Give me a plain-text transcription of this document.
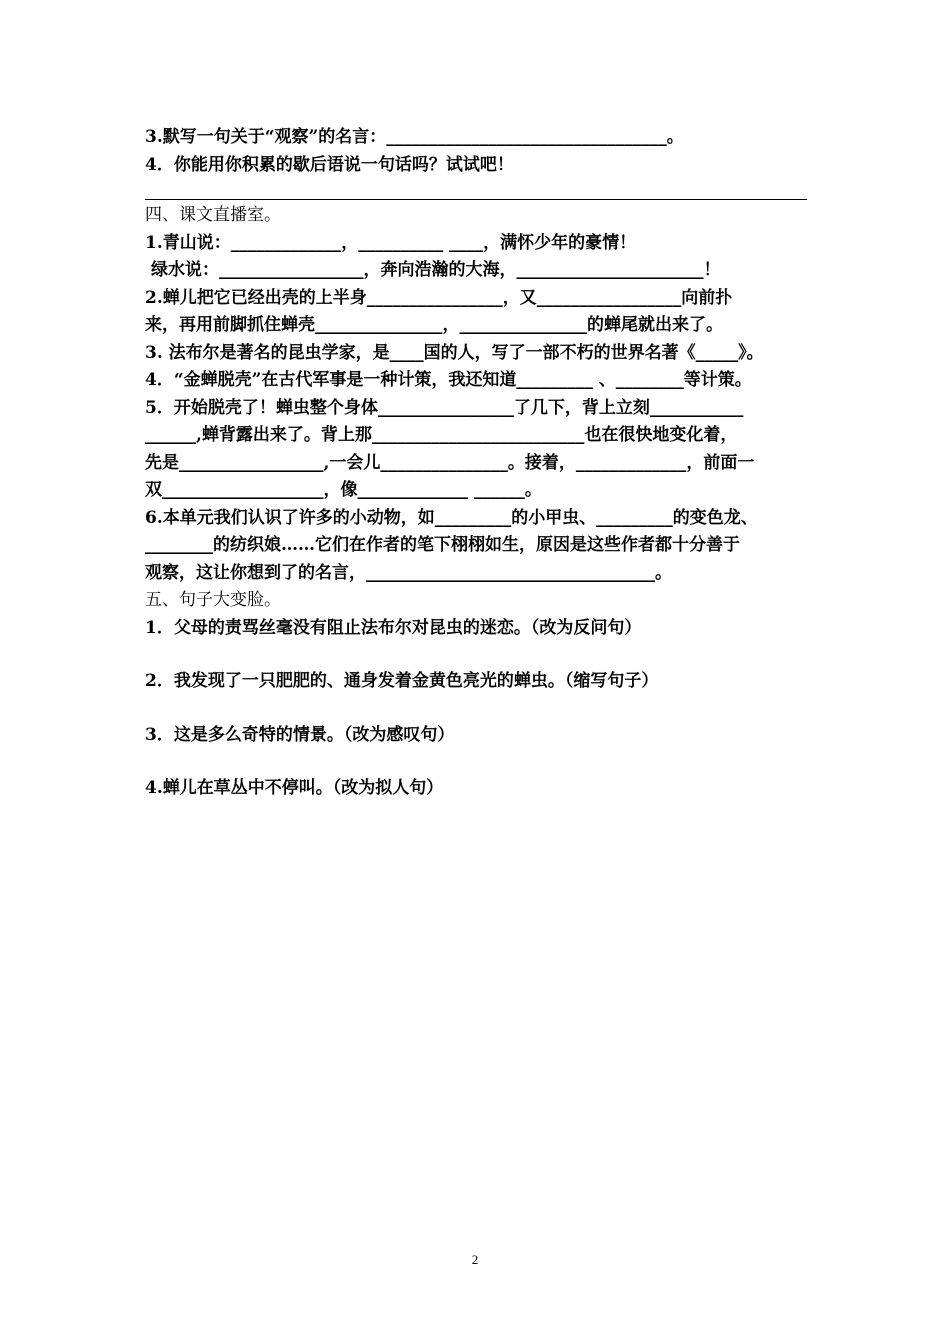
3.默写一句关于“观察”的名言：_________________________________。
4．你能用你积累的歇后语说一句话吗？试试吧！
四、课文直播室。
1.青山说：_____________，__________ ____，满怀少年的豪情！
绿水说：_________________，奔向浩瀚的大海，______________________！
2.蝉儿把它已经出壳的上半身________________，又_________________向前扑
来，再用前脚抓住蝉壳_______________，_______________的蝉尾就出来了。
3. 法布尔是著名的昆虫学家，是____国的人，写了一部不朽的世界名著《_____》。
4．“金蝉脱壳”在古代军事是一种计策，我还知道_________ 、________等计策。
5．开始脱壳了！蝉虫整个身体________________了几下，背上立刻___________
______,蝉背露出来了。背上那_________________________也在很快地变化着，
先是_________________,一会儿_______________。接着，_____________，前面一
双___________________，像_____________ ______。
6.本单元我们认识了许多的小动物，如_________的小甲虫、_________的变色龙、
________的纺织娘……它们在作者的笔下栩栩如生，原因是这些作者都十分善于
观察，这让你想到了的名言，__________________________________。
五、句子大变脸。
1．父母的责骂丝毫没有阻止法布尔对昆虫的迷恋。（改为反问句）
2．我发现了一只肥肥的、通身发着金黄色亮光的蝉虫。（缩写句子）
3．这是多么奇特的情景。（改为感叹句）
4.蝉儿在草丛中不停叫。（改为拟人句）
2
